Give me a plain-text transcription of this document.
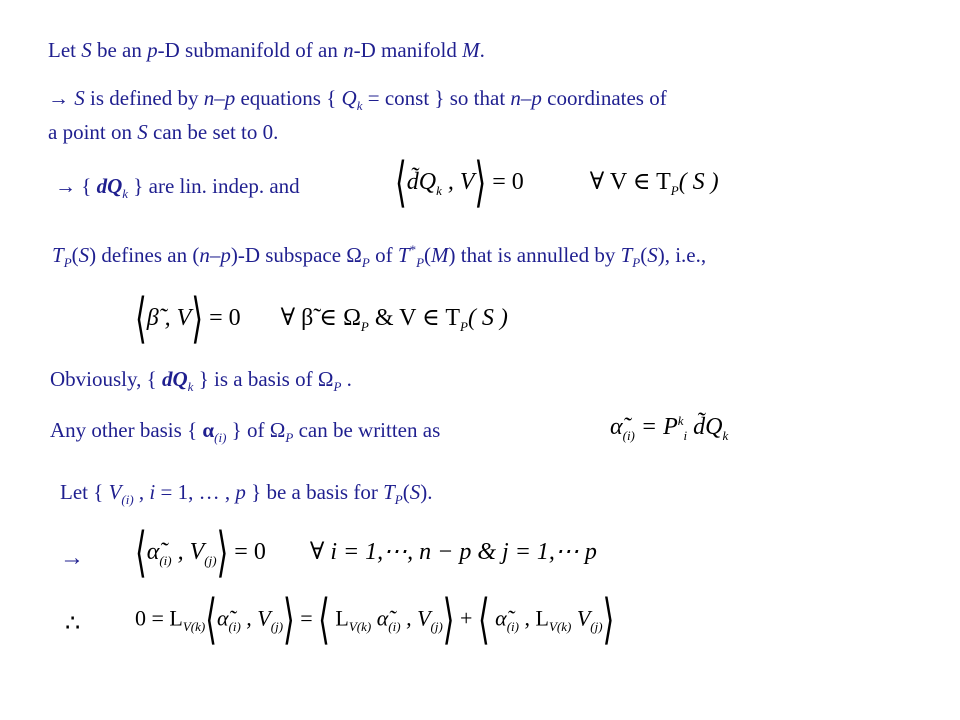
Let S be an p-D submanifold of an n-D manifold M.
→ S is defined by n–p equations { $Q_k$ = const } so that n–p coordinates of
a point on S can be set to 0.
→ { $dQ_k$ } are lin. indep. and	$⟨d̃Q_k$ , V⟩ = 0	∀ V ∈ $T_P$( S )
$T_P(S)$ defines an (n–p)-D subspace $\Omega_P$ of $T^*_P(M)$ that is annulled by $T_P(S)$, i.e.,
⟨β̃ , V⟩ = 0 ∀ β̃ ∈ $\Omega_P$ & V ∈ $T_P$( S )
Obviously, { $dQ_k$ } is a basis of $\Omega_P$ .
Any other basis { $\alpha_{(i)}$ } of $\Omega_P$ can be written as	$\alphã_{(i)} = P^k_i$ $d̃Q_k$
Let { $V_{(i)}$ , i = 1, … , p } be a basis for $T_P(S)$.
→ $⟨\alphã_{(i)}$ , $V_{(j)}⟩ = 0$ ∀ i = 1,⋯, n − p & j = 1,⋯ p
∴ $0 = L_{V(k)}⟨\alphã_{(i)}$ , $V_{(j)}⟩$ = ⟨ $L_{V(k)}$ $\alphã_{(i)}$ , $V_{(j)}⟩$ + ⟨ $\alphã_{(i)}$ , $L_{V(k)}$ $V_{(j)}⟩$
